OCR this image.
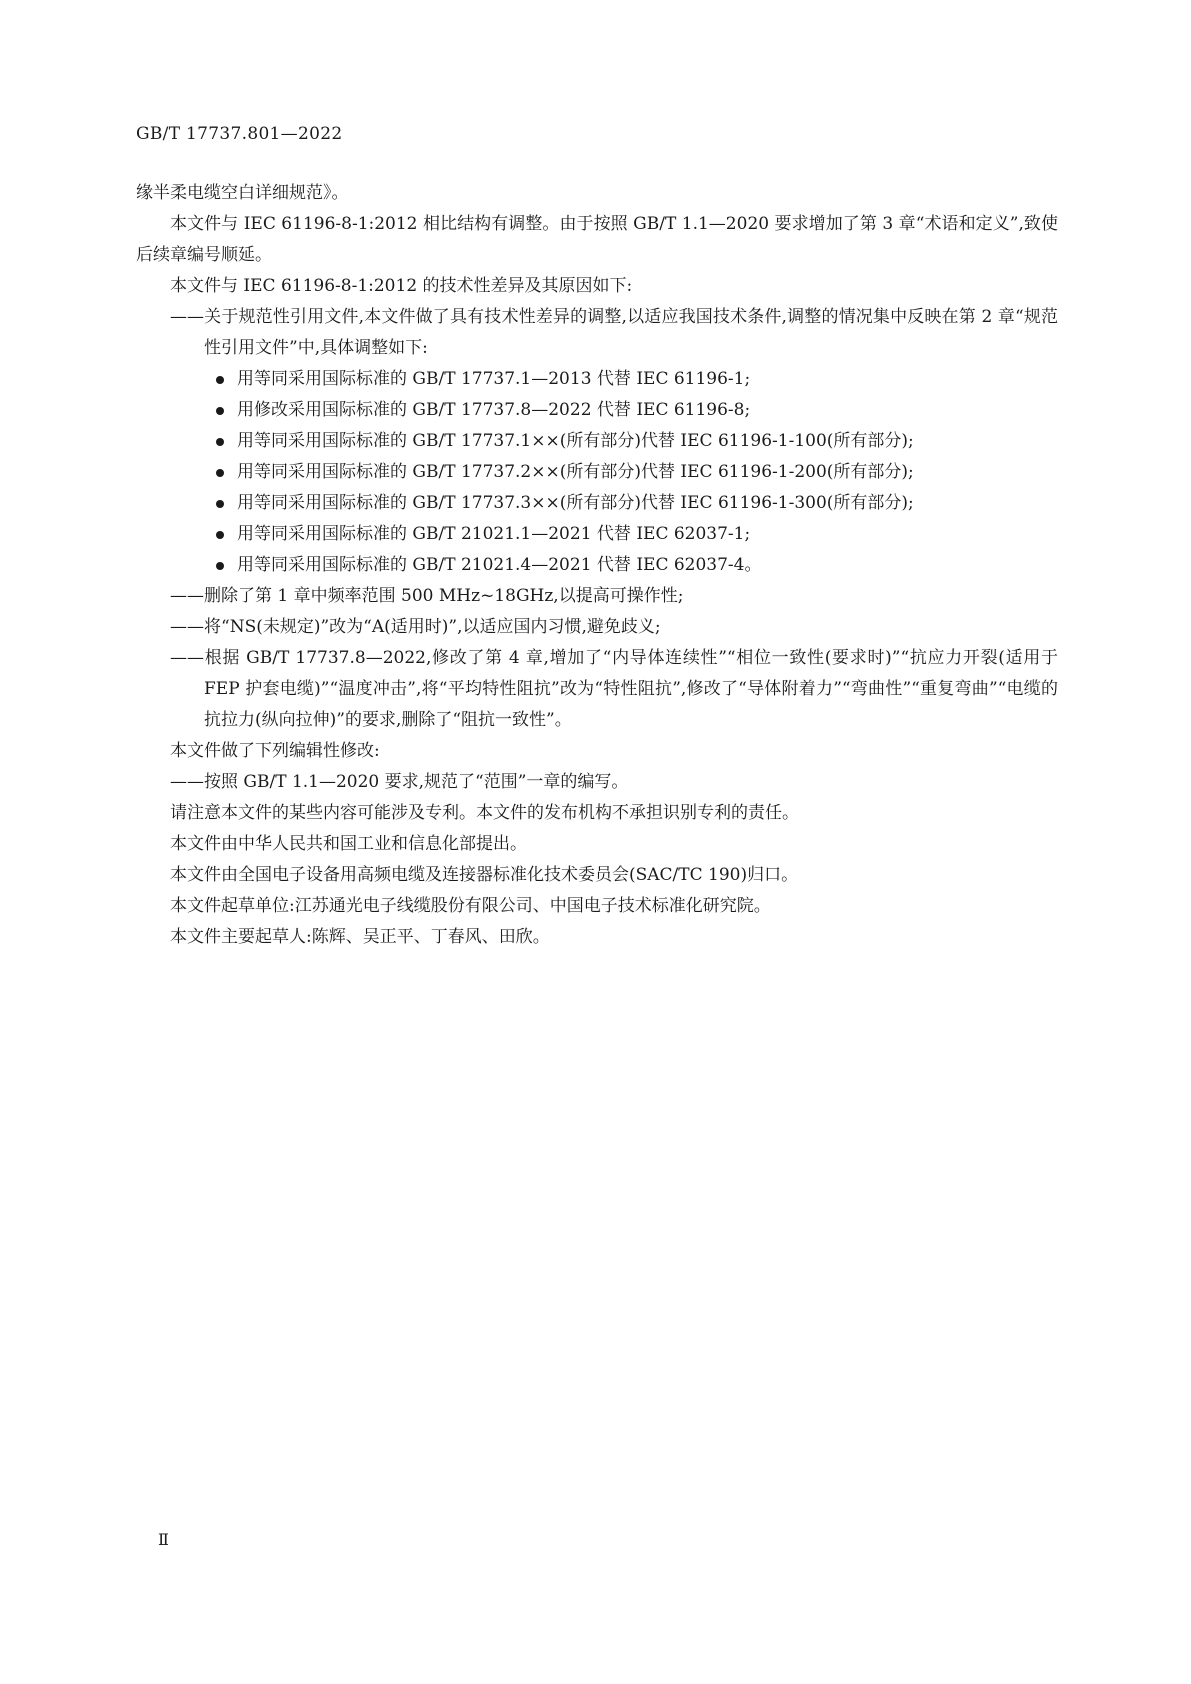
GB/T 17737.801—2022
缘半柔电缆空白详细规范》。
本文件与 IEC 61196-8-1:2012 相比结构有调整。由于按照 GB/T 1.1—2020 要求增加了第 3 章“术语和定义”,致使后续章编号顺延。
本文件与 IEC 61196-8-1:2012 的技术性差异及其原因如下:
——关于规范性引用文件,本文件做了具有技术性差异的调整,以适应我国技术条件,调整的情况集中反映在第 2 章“规范性引用文件”中,具体调整如下:
用等同采用国际标准的 GB/T 17737.1—2013 代替 IEC 61196-1;
用修改采用国际标准的 GB/T 17737.8—2022 代替 IEC 61196-8;
用等同采用国际标准的 GB/T 17737.1××(所有部分)代替 IEC 61196-1-100(所有部分);
用等同采用国际标准的 GB/T 17737.2××(所有部分)代替 IEC 61196-1-200(所有部分);
用等同采用国际标准的 GB/T 17737.3××(所有部分)代替 IEC 61196-1-300(所有部分);
用等同采用国际标准的 GB/T 21021.1—2021 代替 IEC 62037-1;
用等同采用国际标准的 GB/T 21021.4—2021 代替 IEC 62037-4。
——删除了第 1 章中频率范围 500 MHz~18GHz,以提高可操作性;
——将“NS(未规定)”改为“A(适用时)”,以适应国内习惯,避免歧义;
——根据 GB/T 17737.8—2022,修改了第 4 章,增加了“内导体连续性”“相位一致性(要求时)”“抗应力开裂(适用于 FEP 护套电缆)”“温度冲击”,将“平均特性阻抗”改为“特性阻抗”,修改了“导体附着力”“弯曲性”“重复弯曲”“电缆的抗拉力(纵向拉伸)”的要求,删除了“阻抗一致性”。
本文件做了下列编辑性修改:
——按照 GB/T 1.1—2020 要求,规范了“范围”一章的编写。
请注意本文件的某些内容可能涉及专利。本文件的发布机构不承担识别专利的责任。
本文件由中华人民共和国工业和信息化部提出。
本文件由全国电子设备用高频电缆及连接器标准化技术委员会(SAC/TC 190)归口。
本文件起草单位:江苏通光电子线缆股份有限公司、中国电子技术标准化研究院。
本文件主要起草人:陈辉、吴正平、丁春风、田欣。
Ⅱ
